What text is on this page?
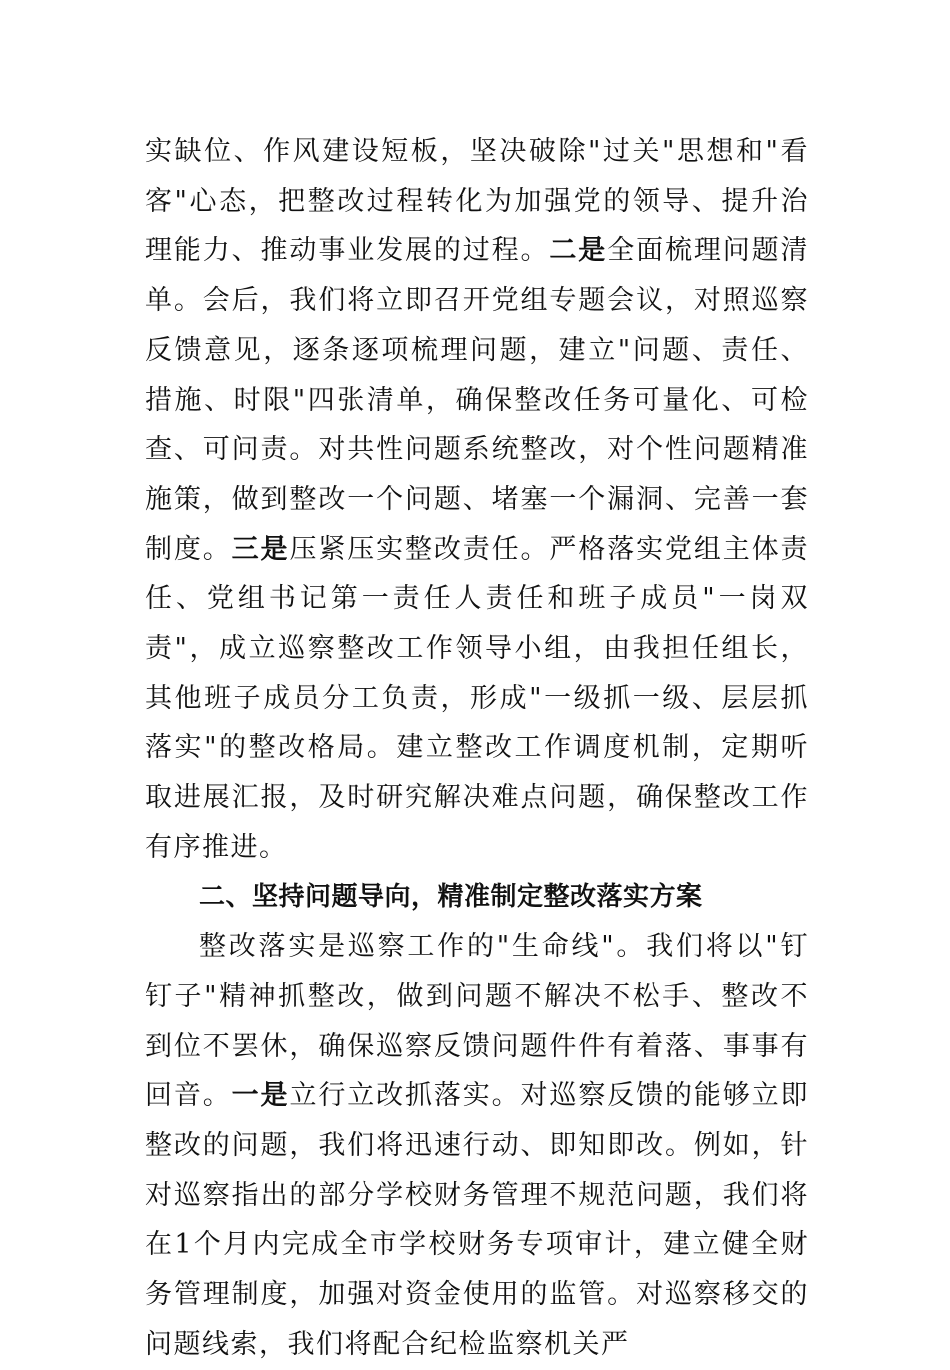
实缺位、作风建设短板，坚决破除"过关"思想和"看客"心态，把整改过程转化为加强党的领导、提升治理能力、推动事业发展的过程。二是全面梳理问题清单。会后，我们将立即召开党组专题会议，对照巡察反馈意见，逐条逐项梳理问题，建立"问题、责任、措施、时限"四张清单，确保整改任务可量化、可检查、可问责。对共性问题系统整改，对个性问题精准施策，做到整改一个问题、堵塞一个漏洞、完善一套制度。三是压紧压实整改责任。严格落实党组主体责任、党组书记第一责任人责任和班子成员"一岗双责"，成立巡察整改工作领导小组，由我担任组长，其他班子成员分工负责，形成"一级抓一级、层层抓落实"的整改格局。建立整改工作调度机制，定期听取进展汇报，及时研究解决难点问题，确保整改工作有序推进。

二、坚持问题导向，精准制定整改落实方案

整改落实是巡察工作的"生命线"。我们将以"钉钉子"精神抓整改，做到问题不解决不松手、整改不到位不罢休，确保巡察反馈问题件件有着落、事事有回音。一是立行立改抓落实。对巡察反馈的能够立即整改的问题，我们将迅速行动、即知即改。例如，针对巡察指出的部分学校财务管理不规范问题，我们将在1个月内完成全市学校财务专项审计，建立健全财务管理制度，加强对资金使用的监管。对巡察移交的问题线索，我们将配合纪检监察机关严
